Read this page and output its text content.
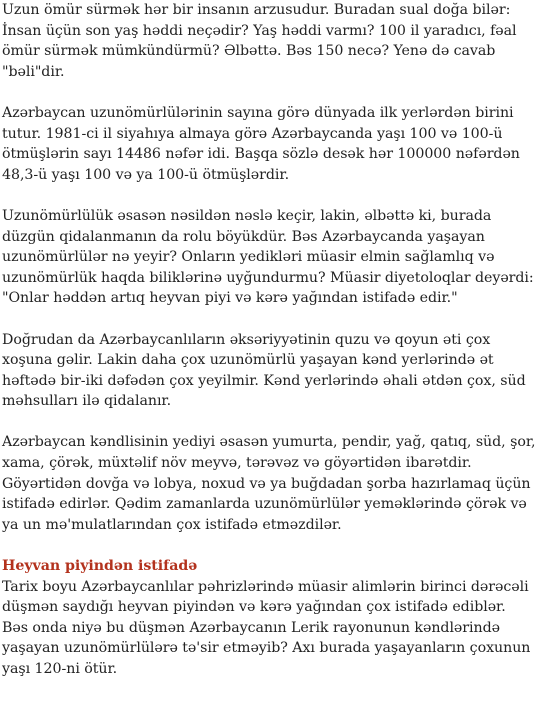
Uzun ömür sürmək hər bir insanın arzusudur. Buradan sual doğa bilər: İnsan üçün son yaş həddi neçədir? Yaş həddi varmı? 100 il yaradıcı, fəal ömür sürmək mümkündürmü? Əlbəttə. Bəs 150 necə? Yenə də cavab "bəli"dir.

Azərbaycan uzunömürlülərinin sayına görə dünyada ilk yerlərdən birini tutur. 1981-ci il siyahıya almaya görə Azərbaycanda yaşı 100 və 100-ü ötmüşlərin sayı 14486 nəfər idi. Başqa sözlə desək hər 100000 nəfərdən 48,3-ü yaşı 100 və ya 100-ü ötmüşlərdir.

Uzunömürlülük əsasən nəsildən nəslə keçir, lakin, əlbəttə ki, burada düzgün qidalanmanın da rolu böyükdür. Bəs Azərbaycanda yaşayan uzunömürlülər nə yeyir? Onların yedikləri müasir elmin sağlamlıq və uzunömürlük haqda biliklərinə uyğundurmu? Müasir diyetoloqlar deyərdi: "Onlar həddən artıq heyvan piyi və kərə yağından istifadə edir."

Doğrudan da Azərbaycanlıların əksəriyyətinin quzu və qoyun əti çox xoşuna gəlir. Lakin daha çox uzunömürlü yaşayan kənd yerlərində ət həftədə bir-iki dəfədən çox yeyilmir. Kənd yerlərində əhali ətdən çox, süd məhsulları ilə qidalanır.

Azərbaycan kəndlisinin yediyi əsasən yumurta, pendir, yağ, qatıq, süd, şor, xama, çörək, müxtəlif növ meyvə, tərəvəz və göyərtidən ibarətdir. Göyərtidən dovğa və lobya, noxud və ya buğdadan şorba hazırlamaq üçün istifadə edirlər. Qədim zamanlarda uzunömürlülər yeməklərində çörək və ya un mə'mulatlarından çox istifadə etməzdilər.

Heyvan piyindən istifadə

Tarix boyu Azərbaycanlılar pəhrizlərində müasir alimlərin birinci dərəcəli düşmən saydığı heyvan piyindən və kərə yağından çox istifadə ediblər. Bəs onda niyə bu düşmən Azərbaycanın Lerik rayonunun kəndlərində yaşayan uzunömürlülərə tə'sir etməyib? Axı burada yaşayanların çoxunun yaşı 120-ni ötür.
